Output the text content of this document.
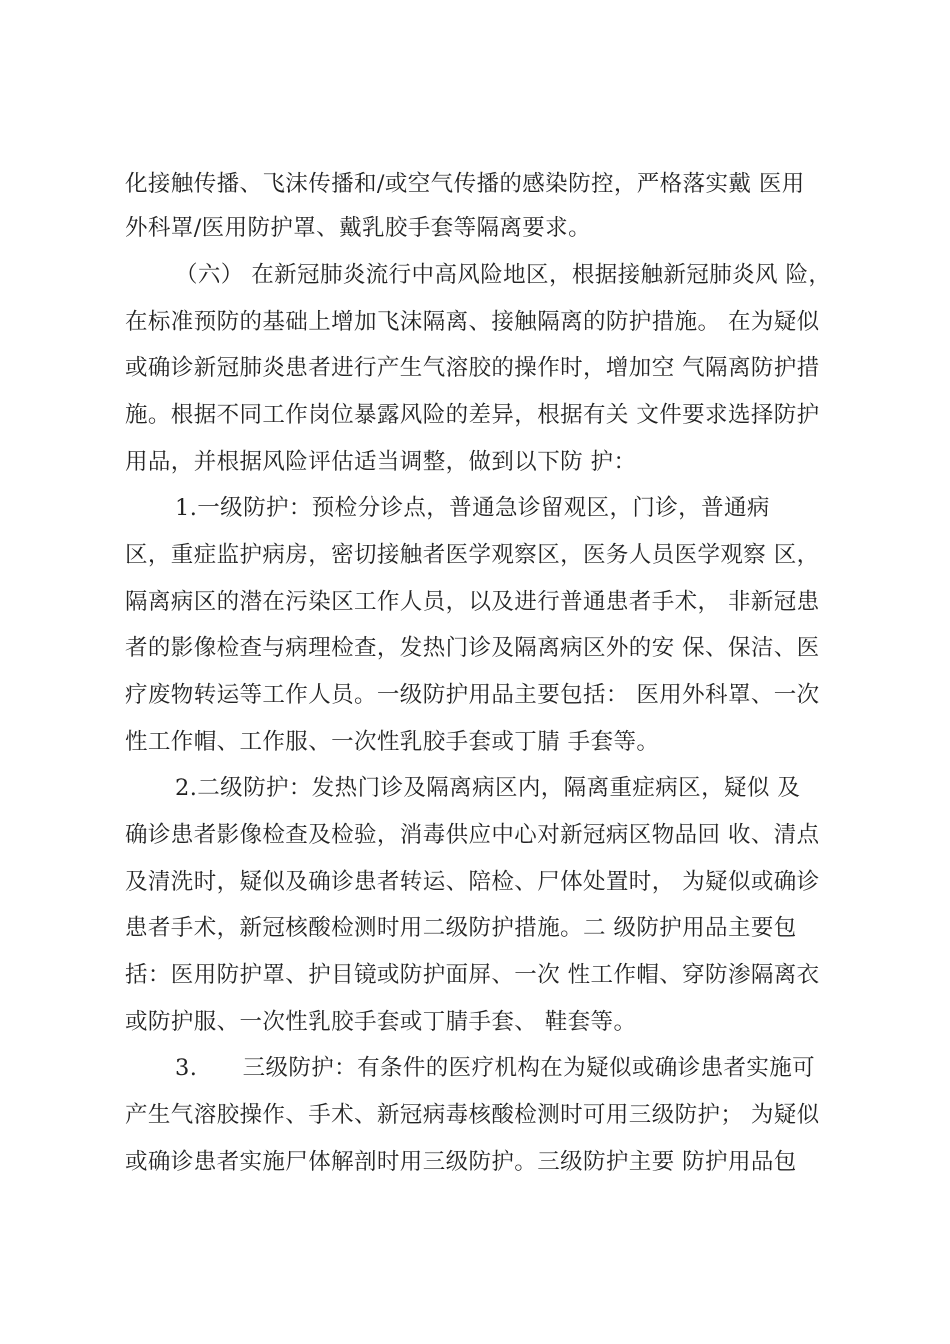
化接触传播、飞沫传播和/或空气传播的感染防控，严格落实戴 医用
外科罩/医用防护罩、戴乳胶手套等隔离要求。
（六） 在新冠肺炎流行中高风险地区，根据接触新冠肺炎风 险，
在标准预防的基础上增加飞沫隔离、接触隔离的防护措施。 在为疑似
或确诊新冠肺炎患者进行产生气溶胶的操作时，增加空 气隔离防护措
施。根据不同工作岗位暴露风险的差异，根据有关 文件要求选择防护
用品，并根据风险评估适当调整，做到以下防 护：
1.一级防护：预检分诊点，普通急诊留观区，门诊，普通病
区，重症监护病房，密切接触者医学观察区，医务人员医学观察 区，
隔离病区的潜在污染区工作人员，以及进行普通患者手术， 非新冠患
者的影像检查与病理检查，发热门诊及隔离病区外的安 保、保洁、医
疗废物转运等工作人员。一级防护用品主要包括： 医用外科罩、一次
性工作帽、工作服、一次性乳胶手套或丁腈 手套等。
2.二级防护：发热门诊及隔离病区内，隔离重症病区，疑似 及
确诊患者影像检查及检验，消毒供应中心对新冠病区物品回 收、清点
及清洗时，疑似及确诊患者转运、陪检、尸体处置时， 为疑似或确诊
患者手术，新冠核酸检测时用二级防护措施。二 级防护用品主要包
括：医用防护罩、护目镜或防护面屏、一次 性工作帽、穿防渗隔离衣
或防护服、一次性乳胶手套或丁腈手套、 鞋套等。
3.      三级防护：有条件的医疗机构在为疑似或确诊患者实施可
产生气溶胶操作、手术、新冠病毒核酸检测时可用三级防护； 为疑似
或确诊患者实施尸体解剖时用三级防护。三级防护主要 防护用品包
